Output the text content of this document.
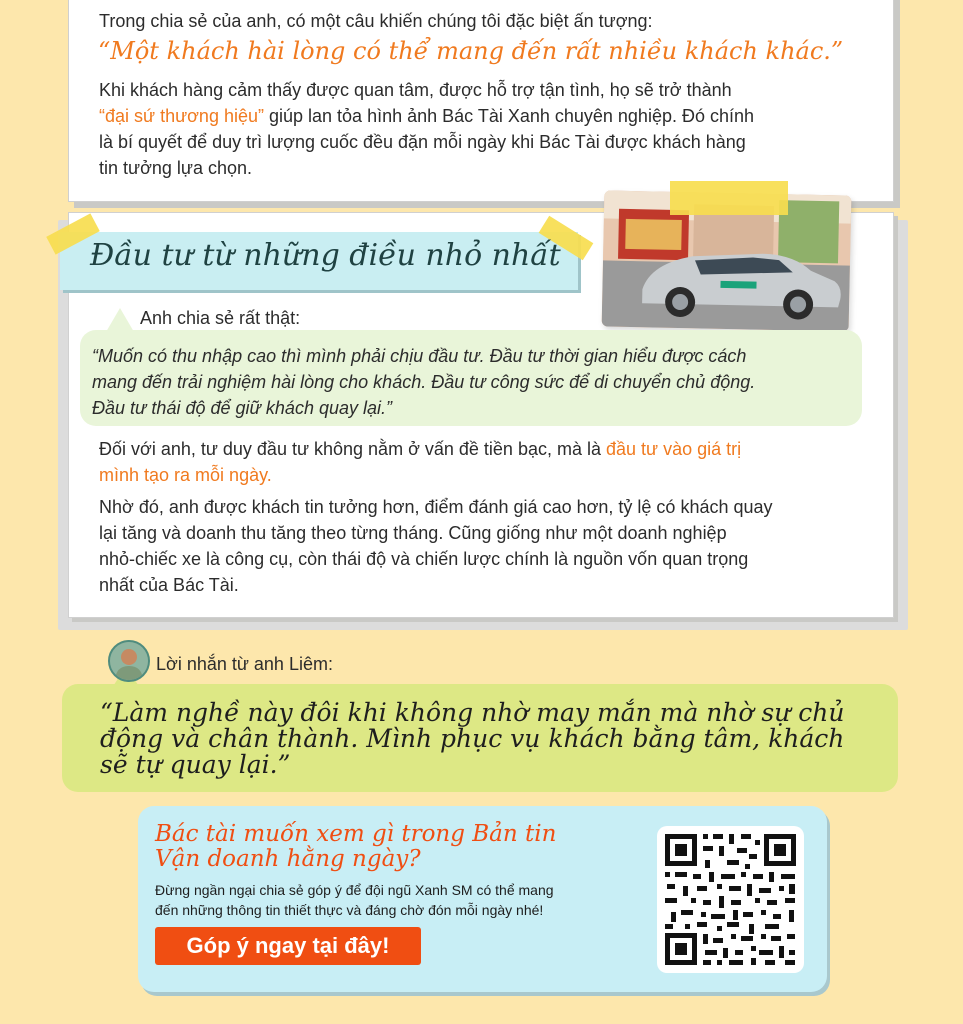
Trong chia sẻ của anh, có một câu khiến chúng tôi đặc biệt ấn tượng:
“Một khách hài lòng có thể mang đến rất nhiều khách khác.”
Khi khách hàng cảm thấy được quan tâm, được hỗ trợ tận tình, họ sẽ trở thành
“đại sứ thương hiệu” giúp lan tỏa hình ảnh Bác Tài Xanh chuyên nghiệp. Đó chính
là bí quyết để duy trì lượng cuốc đều đặn mỗi ngày khi Bác Tài được khách hàng
tin tưởng lựa chọn.
Đầu tư từ những điều nhỏ nhất
Anh chia sẻ rất thật:
“Muốn có thu nhập cao thì mình phải chịu đầu tư. Đầu tư thời gian hiểu được cách
mang đến trải nghiệm hài lòng cho khách. Đầu tư công sức để di chuyển chủ động.
Đầu tư thái độ để giữ khách quay lại.”
Đối với anh, tư duy đầu tư không nằm ở vấn đề tiền bạc, mà là đầu tư vào giá trị
mình tạo ra mỗi ngày.
Nhờ đó, anh được khách tin tưởng hơn, điểm đánh giá cao hơn, tỷ lệ có khách quay
lại tăng và doanh thu tăng theo từng tháng. Cũng giống như một doanh nghiệp
nhỏ-chiếc xe là công cụ, còn thái độ và chiến lược chính là nguồn vốn quan trọng
nhất của Bác Tài.
Lời nhắn từ anh Liêm:
“Làm nghề này đôi khi không nhờ may mắn mà nhờ sự chủ
động và chân thành. Mình phục vụ khách bằng tâm, khách
sẽ tự quay lại.”
Bác tài muốn xem gì trong Bản tin
Vận doanh hằng ngày?
Đừng ngần ngại chia sẻ góp ý để đội ngũ Xanh SM có thể mang
đến những thông tin thiết thực và đáng chờ đón mỗi ngày nhé!
Góp ý ngay tại đây!
